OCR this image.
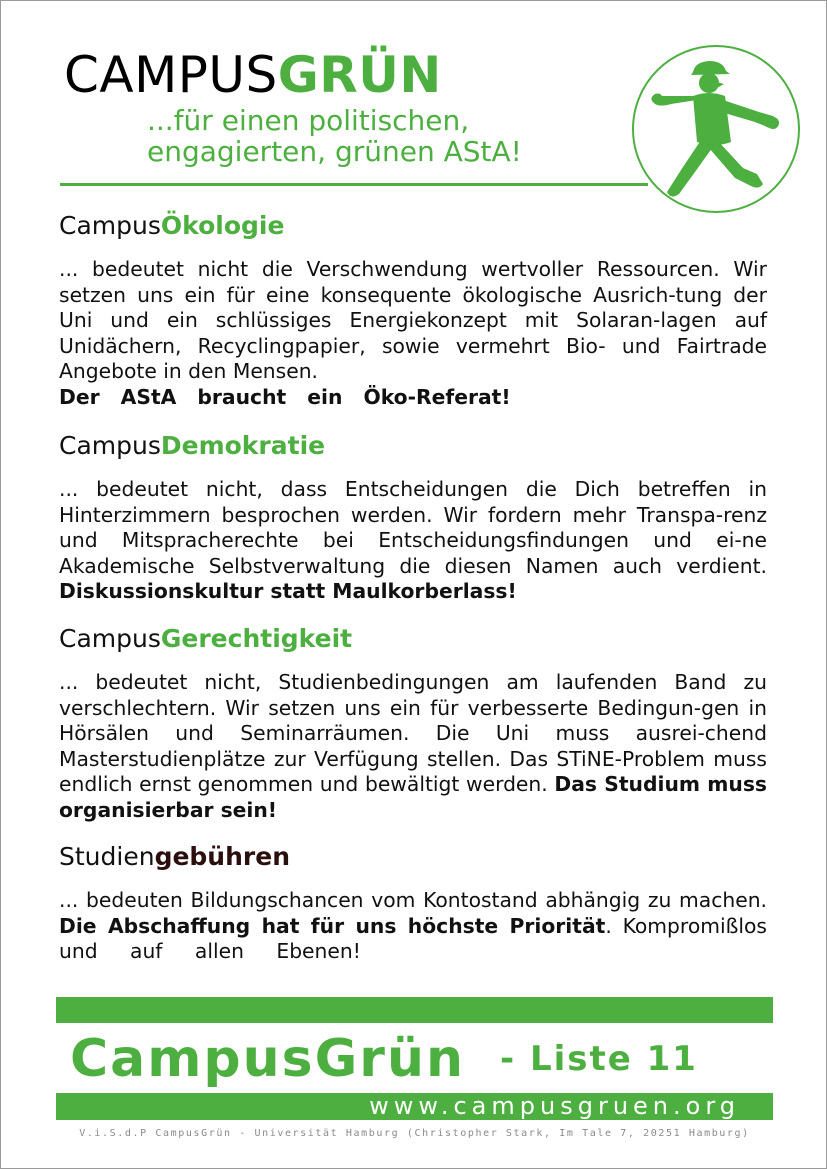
CAMPUSGRÜN
...für einen politischen,
engagierten, grünen AStA!
CampusÖkologie

... bedeutet nicht die Verschwendung wertvoller Ressourcen. Wir setzen uns ein für eine konsequente ökologische Ausrich-tung der Uni und ein schlüssiges Energiekonzept mit Solaran-lagen auf Unidächern, Recyclingpapier, sowie vermehrt Bio- und Fairtrade Angebote in den Mensen.
Der AStA braucht ein Öko-Referat!

CampusDemokratie

... bedeutet nicht, dass Entscheidungen die Dich betreffen in Hinterzimmern besprochen werden. Wir fordern mehr Transpa-renz und Mitspracherechte bei Entscheidungsfindungen und ei-ne Akademische Selbstverwaltung die diesen Namen auch verdient. Diskussionskultur statt Maulkorberlass!

CampusGerechtigkeit

... bedeutet nicht, Studienbedingungen am laufenden Band zu verschlechtern. Wir setzen uns ein für verbesserte Bedingun-gen in Hörsälen und Seminarräumen. Die Uni muss ausrei-chend Masterstudienplätze zur Verfügung stellen. Das STiNE-Problem muss endlich ernst genommen und bewältigt werden. Das Studium muss organisierbar sein!

Studiengebühren

... bedeuten Bildungschancen vom Kontostand abhängig zu machen. Die Abschaffung hat für uns höchste Priorität. Kompromißlos und auf allen Ebenen!

CampusGrün - Liste 11
www.campusgruen.org
V.i.S.d.P CampusGrün - Universität Hamburg (Christopher Stark, Im Tale 7, 20251 Hamburg)
